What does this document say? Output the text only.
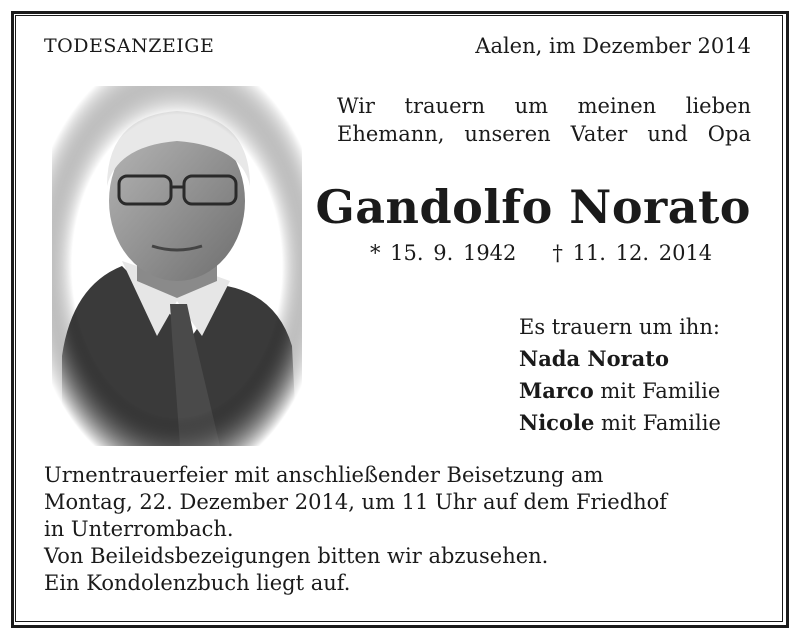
TODESANZEIGE	Aalen, im Dezember 2014
Wir trauern um meinen lieben
Ehemann, unseren Vater und Opa
Gandolfo Norato
* 15. 9. 1942 † 11. 12. 2014
Es trauern um ihn:
Nada Norato
Marco mit Familie
Nicole mit Familie
Urnentrauerfeier mit anschließender Beisetzung am
Montag, 22. Dezember 2014, um 11 Uhr auf dem Friedhof
in Unterrombach.
Von Beileidsbezeigungen bitten wir abzusehen.
Ein Kondolenzbuch liegt auf.
